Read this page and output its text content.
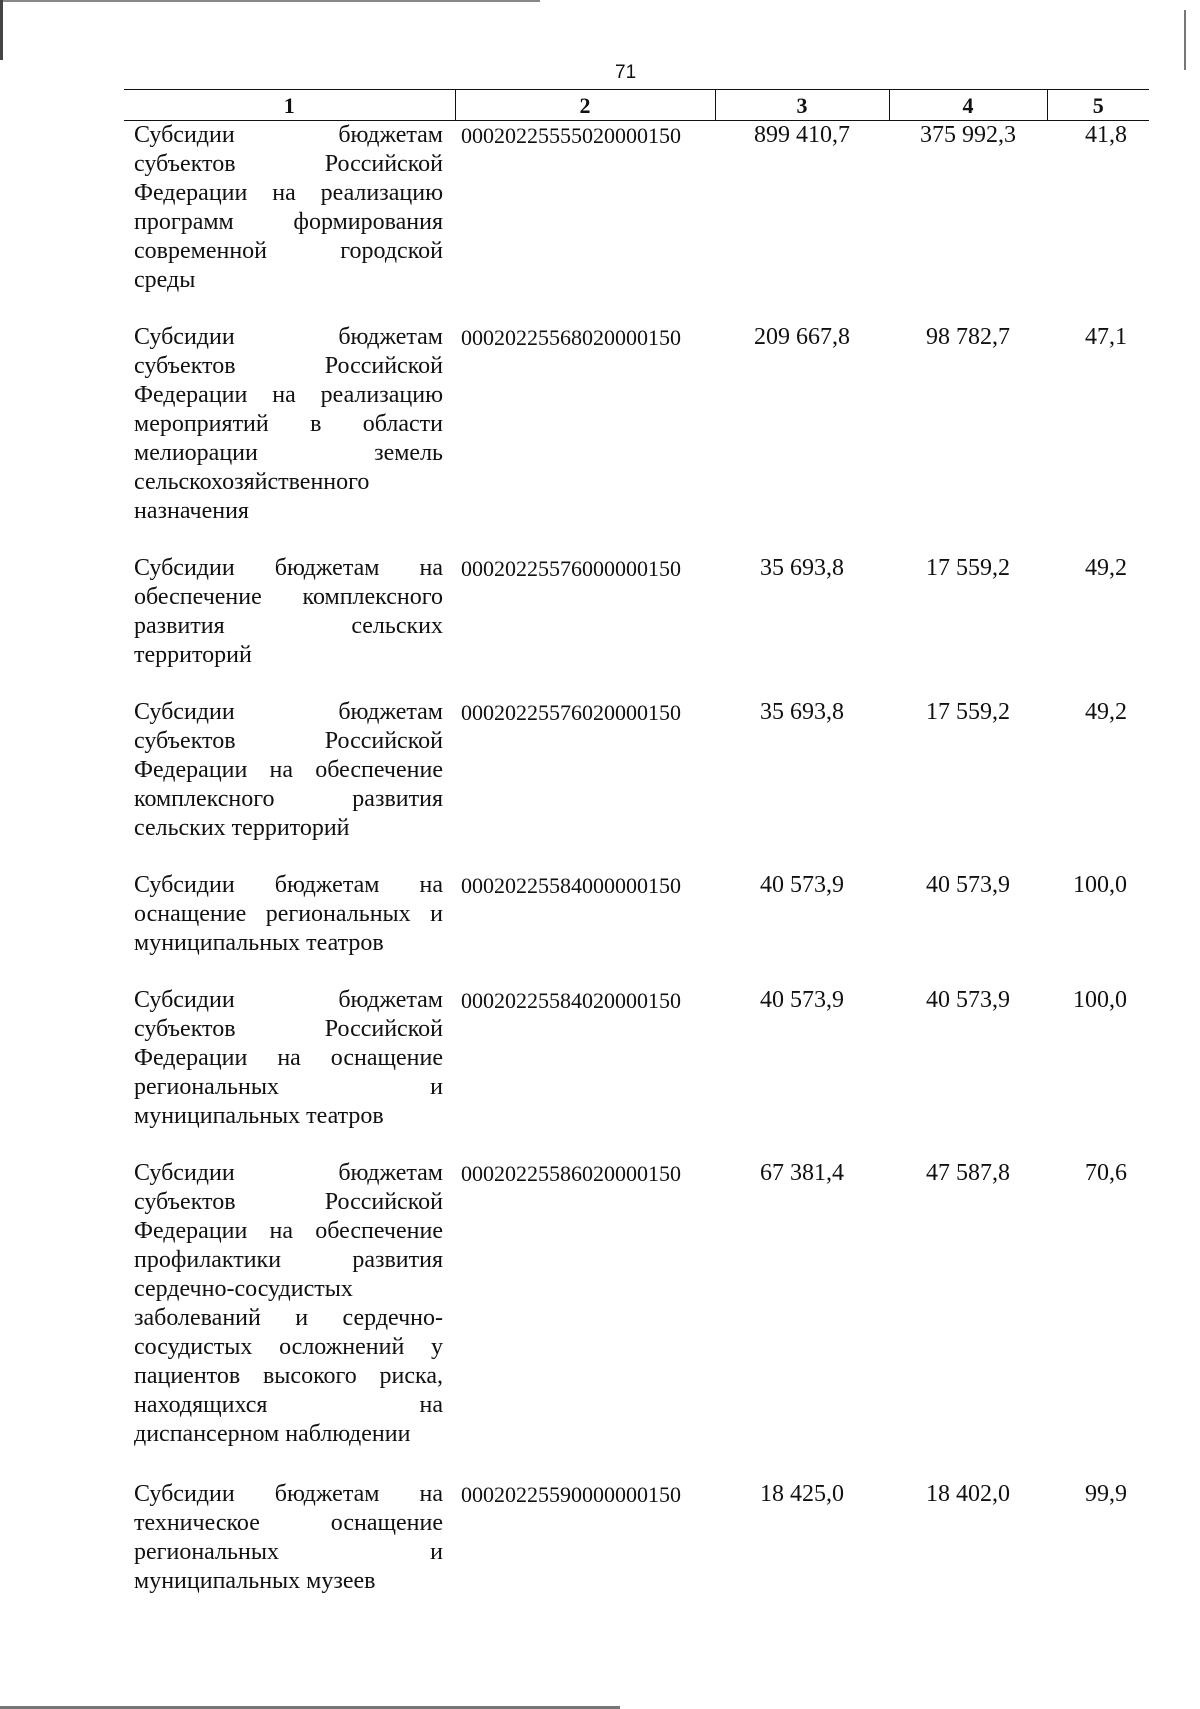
71
1	2	3	4	5
Субсидии бюджетам субъектов Российской Федерации на реализацию программ формирования современной городской среды	00020225555020000150	899 410,7	375 992,3	41,8
Субсидии бюджетам субъектов Российской Федерации на реализацию мероприятий в области мелиорации земель сельскохозяйственного назначения	00020225568020000150	209 667,8	98 782,7	47,1
Субсидии бюджетам на обеспечение комплексного развития сельских территорий	00020225576000000150	35 693,8	17 559,2	49,2
Субсидии бюджетам субъектов Российской Федерации на обеспечение комплексного развития сельских территорий	00020225576020000150	35 693,8	17 559,2	49,2
Субсидии бюджетам на оснащение региональных и муниципальных театров	00020225584000000150	40 573,9	40 573,9	100,0
Субсидии бюджетам субъектов Российской Федерации на оснащение региональных и муниципальных театров	00020225584020000150	40 573,9	40 573,9	100,0
Субсидии бюджетам субъектов Российской Федерации на обеспечение профилактики развития сердечно-сосудистых заболеваний и сердечно-сосудистых осложнений у пациентов высокого риска, находящихся на диспансерном наблюдении	00020225586020000150	67 381,4	47 587,8	70,6
Субсидии бюджетам на техническое оснащение региональных и муниципальных музеев	00020225590000000150	18 425,0	18 402,0	99,9
